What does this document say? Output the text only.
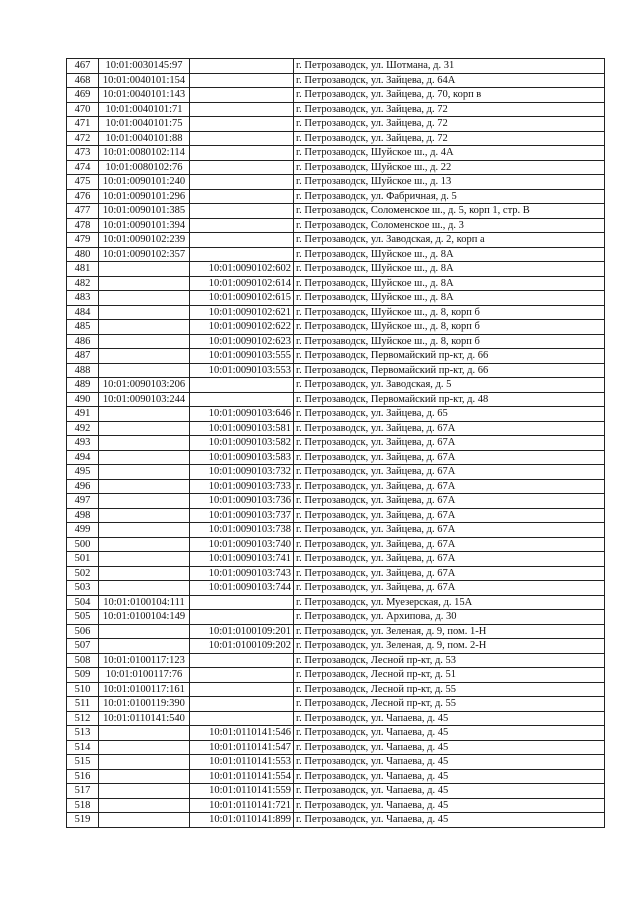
467	10:01:0030145:97		г. Петрозаводск, ул. Шотмана, д. 31
468	10:01:0040101:154		г. Петрозаводск, ул. Зайцева, д. 64А
469	10:01:0040101:143		г. Петрозаводск, ул. Зайцева, д. 70, корп в
470	10:01:0040101:71		г. Петрозаводск, ул. Зайцева, д. 72
471	10:01:0040101:75		г. Петрозаводск, ул. Зайцева, д. 72
472	10:01:0040101:88		г. Петрозаводск, ул. Зайцева, д. 72
473	10:01:0080102:114		г. Петрозаводск, Шуйское ш., д. 4А
474	10:01:0080102:76		г. Петрозаводск, Шуйское ш., д. 22
475	10:01:0090101:240		г. Петрозаводск, Шуйское ш., д. 13
476	10:01:0090101:296		г. Петрозаводск, ул. Фабричная, д. 5
477	10:01:0090101:385		г. Петрозаводск, Соломенское ш., д. 5, корп 1, стр. В
478	10:01:0090101:394		г. Петрозаводск, Соломенское ш., д. 3
479	10:01:0090102:239		г. Петрозаводск, ул. Заводская, д. 2, корп а
480	10:01:0090102:357		г. Петрозаводск, Шуйское ш., д. 8А
481		10:01:0090102:602	г. Петрозаводск, Шуйское ш., д. 8А
482		10:01:0090102:614	г. Петрозаводск, Шуйское ш., д. 8А
483		10:01:0090102:615	г. Петрозаводск, Шуйское ш., д. 8А
484		10:01:0090102:621	г. Петрозаводск, Шуйское ш., д. 8, корп б
485		10:01:0090102:622	г. Петрозаводск, Шуйское ш., д. 8, корп б
486		10:01:0090102:623	г. Петрозаводск, Шуйское ш., д. 8, корп б
487		10:01:0090103:555	г. Петрозаводск, Первомайский пр-кт, д. 66
488		10:01:0090103:553	г. Петрозаводск, Первомайский пр-кт, д. 66
489	10:01:0090103:206		г. Петрозаводск, ул. Заводская, д. 5
490	10:01:0090103:244		г. Петрозаводск, Первомайский пр-кт, д. 48
491		10:01:0090103:646	г. Петрозаводск, ул. Зайцева, д. 65
492		10:01:0090103:581	г. Петрозаводск, ул. Зайцева, д. 67А
493		10:01:0090103:582	г. Петрозаводск, ул. Зайцева, д. 67А
494		10:01:0090103:583	г. Петрозаводск, ул. Зайцева, д. 67А
495		10:01:0090103:732	г. Петрозаводск, ул. Зайцева, д. 67А
496		10:01:0090103:733	г. Петрозаводск, ул. Зайцева, д. 67А
497		10:01:0090103:736	г. Петрозаводск, ул. Зайцева, д. 67А
498		10:01:0090103:737	г. Петрозаводск, ул. Зайцева, д. 67А
499		10:01:0090103:738	г. Петрозаводск, ул. Зайцева, д. 67А
500		10:01:0090103:740	г. Петрозаводск, ул. Зайцева, д. 67А
501		10:01:0090103:741	г. Петрозаводск, ул. Зайцева, д. 67А
502		10:01:0090103:743	г. Петрозаводск, ул. Зайцева, д. 67А
503		10:01:0090103:744	г. Петрозаводск, ул. Зайцева, д. 67А
504	10:01:0100104:111		г. Петрозаводск, ул. Муезерская, д. 15А
505	10:01:0100104:149		г. Петрозаводск, ул. Архипова, д. 30
506		10:01:0100109:201	г. Петрозаводск, ул. Зеленая, д. 9, пом. 1-Н
507		10:01:0100109:202	г. Петрозаводск, ул. Зеленая, д. 9, пом. 2-Н
508	10:01:0100117:123		г. Петрозаводск, Лесной пр-кт, д. 53
509	10:01:0100117:76		г. Петрозаводск, Лесной пр-кт, д. 51
510	10:01:0100117:161		г. Петрозаводск, Лесной пр-кт, д. 55
511	10:01:0100119:390		г. Петрозаводск, Лесной пр-кт, д. 55
512	10:01:0110141:540		г. Петрозаводск, ул. Чапаева, д. 45
513		10:01:0110141:546	г. Петрозаводск, ул. Чапаева, д. 45
514		10:01:0110141:547	г. Петрозаводск, ул. Чапаева, д. 45
515		10:01:0110141:553	г. Петрозаводск, ул. Чапаева, д. 45
516		10:01:0110141:554	г. Петрозаводск, ул. Чапаева, д. 45
517		10:01:0110141:559	г. Петрозаводск, ул. Чапаева, д. 45
518		10:01:0110141:721	г. Петрозаводск, ул. Чапаева, д. 45
519		10:01:0110141:899	г. Петрозаводск, ул. Чапаева, д. 45
